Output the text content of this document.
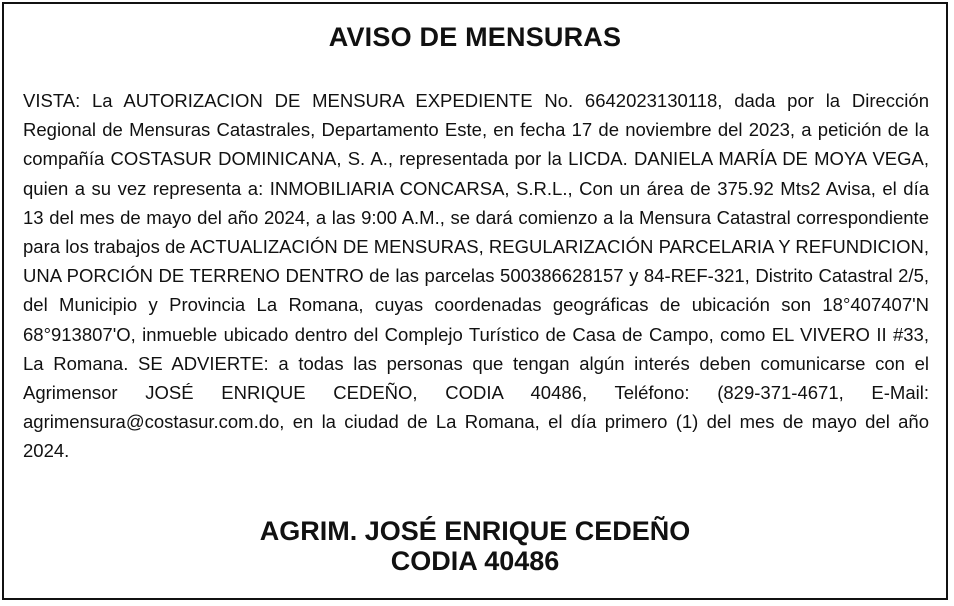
AVISO DE MENSURAS

VISTA: La AUTORIZACION DE MENSURA EXPEDIENTE No. 6642023130118, dada por la Dirección Regional de Mensuras Catastrales, Departamento Este, en fecha 17 de noviembre del 2023, a petición de la compañía COSTASUR DOMINICANA, S. A., representada por la LICDA. DANIELA MARÍA DE MOYA VEGA, quien a su vez representa a: INMOBILIARIA CONCARSA, S.R.L., Con un área de 375.92 Mts2 Avisa, el día 13 del mes de mayo del año 2024, a las 9:00 A.M., se dará comienzo a la Mensura Catastral correspondiente para los trabajos de ACTUALIZACIÓN DE MENSURAS, REGULARIZACIÓN PARCELARIA Y REFUNDICION, UNA PORCIÓN DE TERRENO DENTRO de las parcelas 500386628157 y 84-REF-321, Distrito Catastral 2/5, del Municipio y Provincia La Romana, cuyas coordenadas geográficas de ubicación son 18°407407'N 68°913807'O, inmueble ubicado dentro del Complejo Turístico de Casa de Campo, como EL VIVERO II #33, La Romana. SE ADVIERTE: a todas las personas que tengan algún interés deben comunicarse con el Agrimensor JOSÉ ENRIQUE CEDEÑO, CODIA 40486, Teléfono: (829-371-4671, E-Mail: agrimensura@costasur.com.do, en la ciudad de La Romana, el día primero (1) del mes de mayo del año 2024.

AGRIM. JOSÉ ENRIQUE CEDEÑO
CODIA 40486
